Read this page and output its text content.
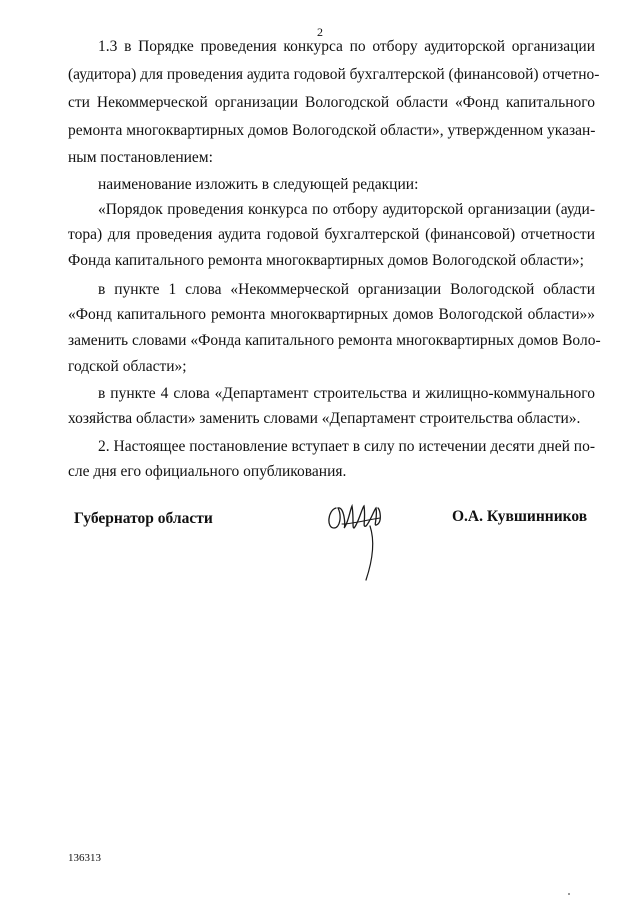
2
1.3 в Порядке проведения конкурса по отбору аудиторской организации
(аудитора) для проведения аудита годовой бухгалтерской (финансовой) отчетно-
сти Некоммерческой организации Вологодской области «Фонд капитального
ремонта многоквартирных домов Вологодской области», утвержденном указан-
ным постановлением:
наименование изложить в следующей редакции:
«Порядок проведения конкурса по отбору аудиторской организации (ауди-
тора) для проведения аудита годовой бухгалтерской (финансовой) отчетности
Фонда капитального ремонта многоквартирных домов Вологодской области»;
в пункте 1 слова «Некоммерческой организации Вологодской области
«Фонд капитального ремонта многоквартирных домов Вологодской области»»
заменить словами «Фонда капитального ремонта многоквартирных домов Воло-
годской области»;
в пункте 4 слова «Департамент строительства и жилищно-коммунального
хозяйства области» заменить словами «Департамент строительства области».
2. Настоящее постановление вступает в силу по истечении десяти дней по-
сле дня его официального опубликования.
Губернатор области	О.А. Кувшинников
136313
